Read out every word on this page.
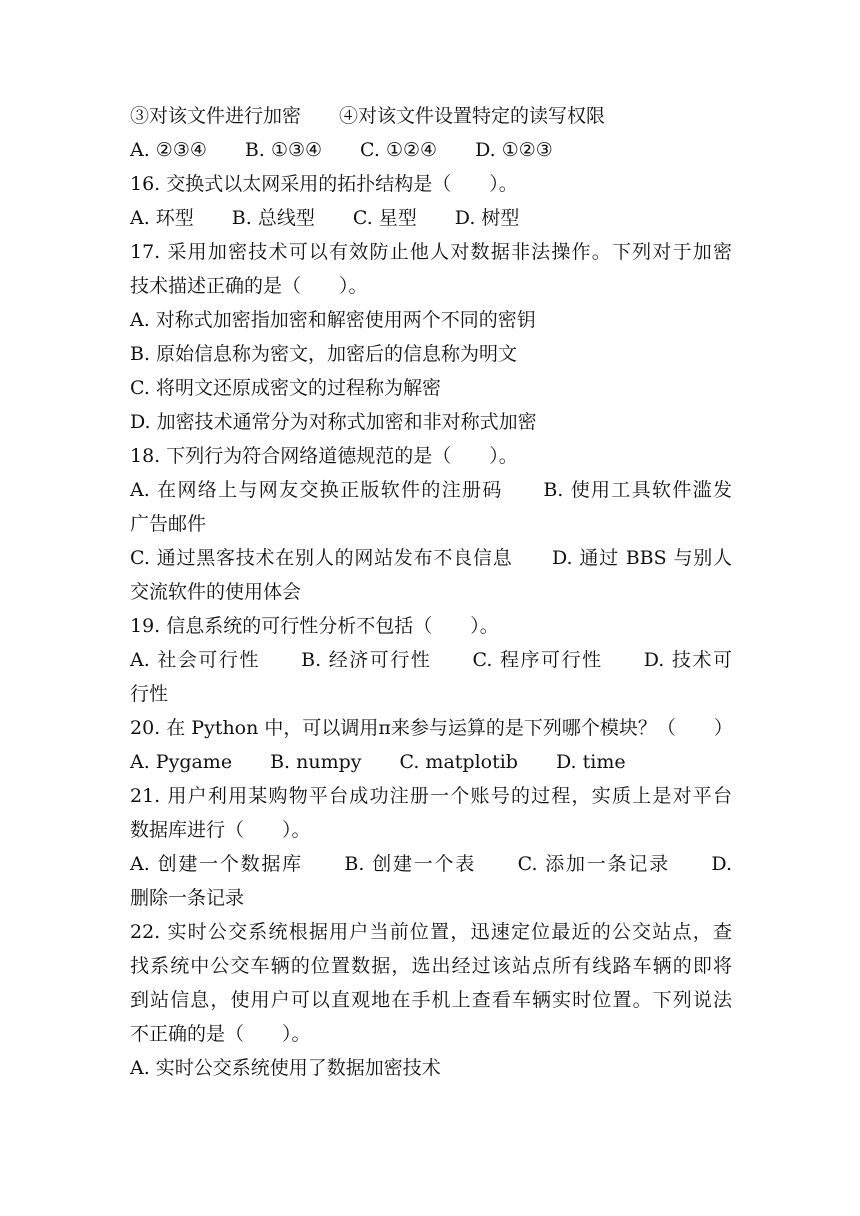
③对该文件进行加密　　④对该文件设置特定的读写权限
A. ②③④　　B. ①③④　　C. ①②④　　D. ①②③
16. 交换式以太网采用的拓扑结构是（　　）。
A. 环型　　B. 总线型　　C. 星型　　D. 树型
17. 采用加密技术可以有效防止他人对数据非法操作。下列对于加密
技术描述正确的是（　　）。
A. 对称式加密指加密和解密使用两个不同的密钥
B. 原始信息称为密文，加密后的信息称为明文
C. 将明文还原成密文的过程称为解密
D. 加密技术通常分为对称式加密和非对称式加密
18. 下列行为符合网络道德规范的是（　　）。
A. 在网络上与网友交换正版软件的注册码　　B. 使用工具软件滥发
广告邮件
C. 通过黑客技术在别人的网站发布不良信息　　D. 通过 BBS 与别人
交流软件的使用体会
19. 信息系统的可行性分析不包括（　　）。
A. 社会可行性　　B. 经济可行性　　C. 程序可行性　　D. 技术可
行性
20. 在 Python 中，可以调用π来参与运算的是下列哪个模块？（　　）
A. Pygame　　B. numpy　　C. matplotib　　D. time
21. 用户利用某购物平台成功注册一个账号的过程，实质上是对平台
数据库进行（　　）。
A. 创建一个数据库　　B. 创建一个表　　C. 添加一条记录　　D.
删除一条记录
22. 实时公交系统根据用户当前位置，迅速定位最近的公交站点，查
找系统中公交车辆的位置数据，选出经过该站点所有线路车辆的即将
到站信息，使用户可以直观地在手机上查看车辆实时位置。下列说法
不正确的是（　　）。
A. 实时公交系统使用了数据加密技术
